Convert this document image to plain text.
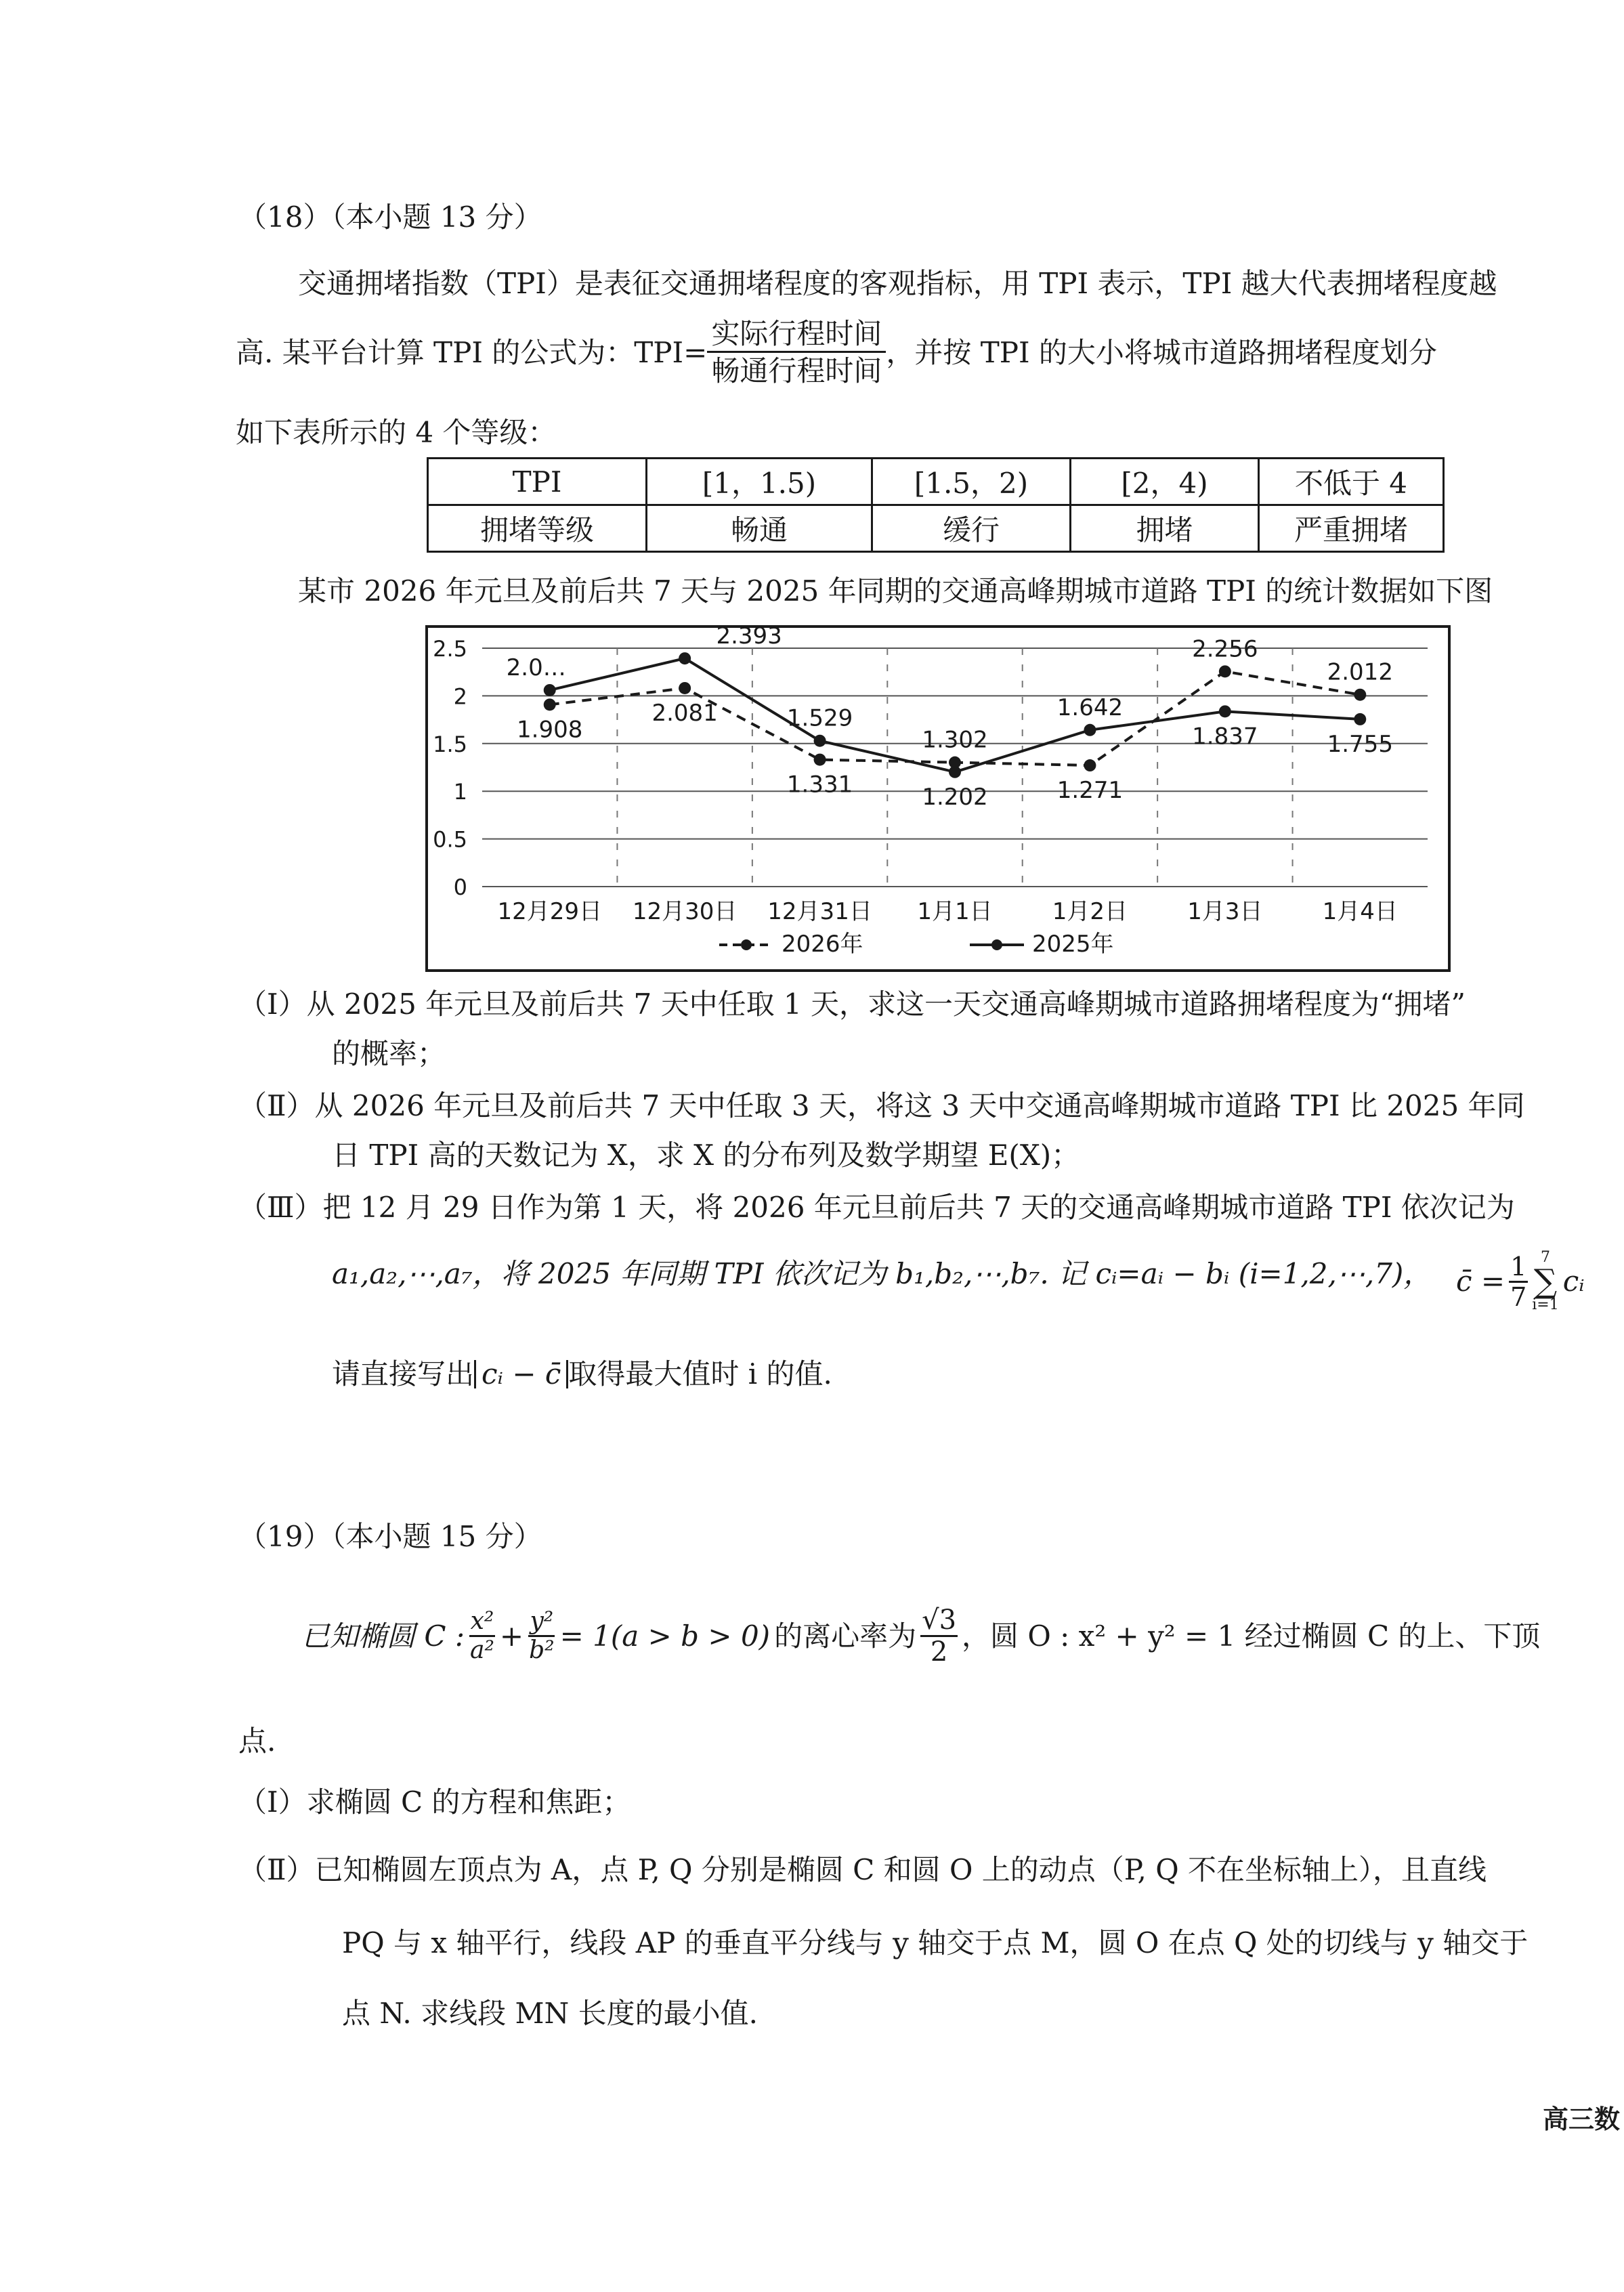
（18）（本小题 13 分）
交通拥堵指数（TPI）是表征交通拥堵程度的客观指标，用 TPI 表示，TPI 越大代表拥堵程度越
高. 某平台计算 TPI 的公式为：$TPI= \frac{\text{实际行程时间}}{\text{畅通行程时间}}$ ，并按 TPI 的大小将城市道路拥堵程度划分
如下表所示的 4 个等级：
TPI	[1，1.5)	[1.5，2)	[2，4)	不低于 4
拥堵等级	畅通	缓行	拥堵	严重拥堵
某市 2026 年元旦及前后共 7 天与 2025 年同期的交通高峰期城市道路 TPI 的统计数据如下图
2.5
2
1.5
1
0.5
0
12月29日 12月30日 12月31日 1月1日	1月2日	1月3日	1月4日
1.908
2.081
1.331
1.302
1.271
2.256
2.012
2.0…
2.393
1.529
1.202
1.642
1.837	1.755
2026年	2025年
（Ⅰ）从 2025 年元旦及前后共 7 天中任取 1 天，求这一天交通高峰期城市道路拥堵程度为“拥堵”
的概率；
（Ⅱ）从 2026 年元旦及前后共 7 天中任取 3 天，将这 3 天中交通高峰期城市道路 TPI 比 2025 年同
日 TPI 高的天数记为 X，求 X 的分布列及数学期望 E(X)；
（Ⅲ）把 12 月 29 日作为第 1 天，将 2026 年元旦前后共 7 天的交通高峰期城市道路 TPI 依次记为
a₁,a₂,⋯,a₇，将 2025 年同期 TPI 依次记为 b₁,b₂,⋯,b₇. 记 cᵢ=aᵢ − bᵢ (i=1,2,⋯,7)， c̄ = $\frac{1}{7} 7$
∑
i=1
cᵢ
请直接写出 cᵢ − c̄ 取得最大值时 i 的值.
（19）（本小题 15 分）
已知椭圆 C : $\frac{\text{x²}}{\text{a²}} + \frac{\text{y²}}{\text{b²}} = 1(a > b > 0)$ 的离心率为 $\frac{√3}{2}$ ，圆 O : x² + y² = 1 经过椭圆 C 的上、下顶
点.
（Ⅰ）求椭圆 C 的方程和焦距；
（Ⅱ）已知椭圆左顶点为 A，点 P, Q 分别是椭圆 C 和圆 O 上的动点（P, Q 不在坐标轴上），且直线
PQ 与 x 轴平行，线段 AP 的垂直平分线与 y 轴交于点 M，圆 O 在点 Q 处的切线与 y 轴交于
点 N. 求线段 MN 长度的最小值.
高三数
